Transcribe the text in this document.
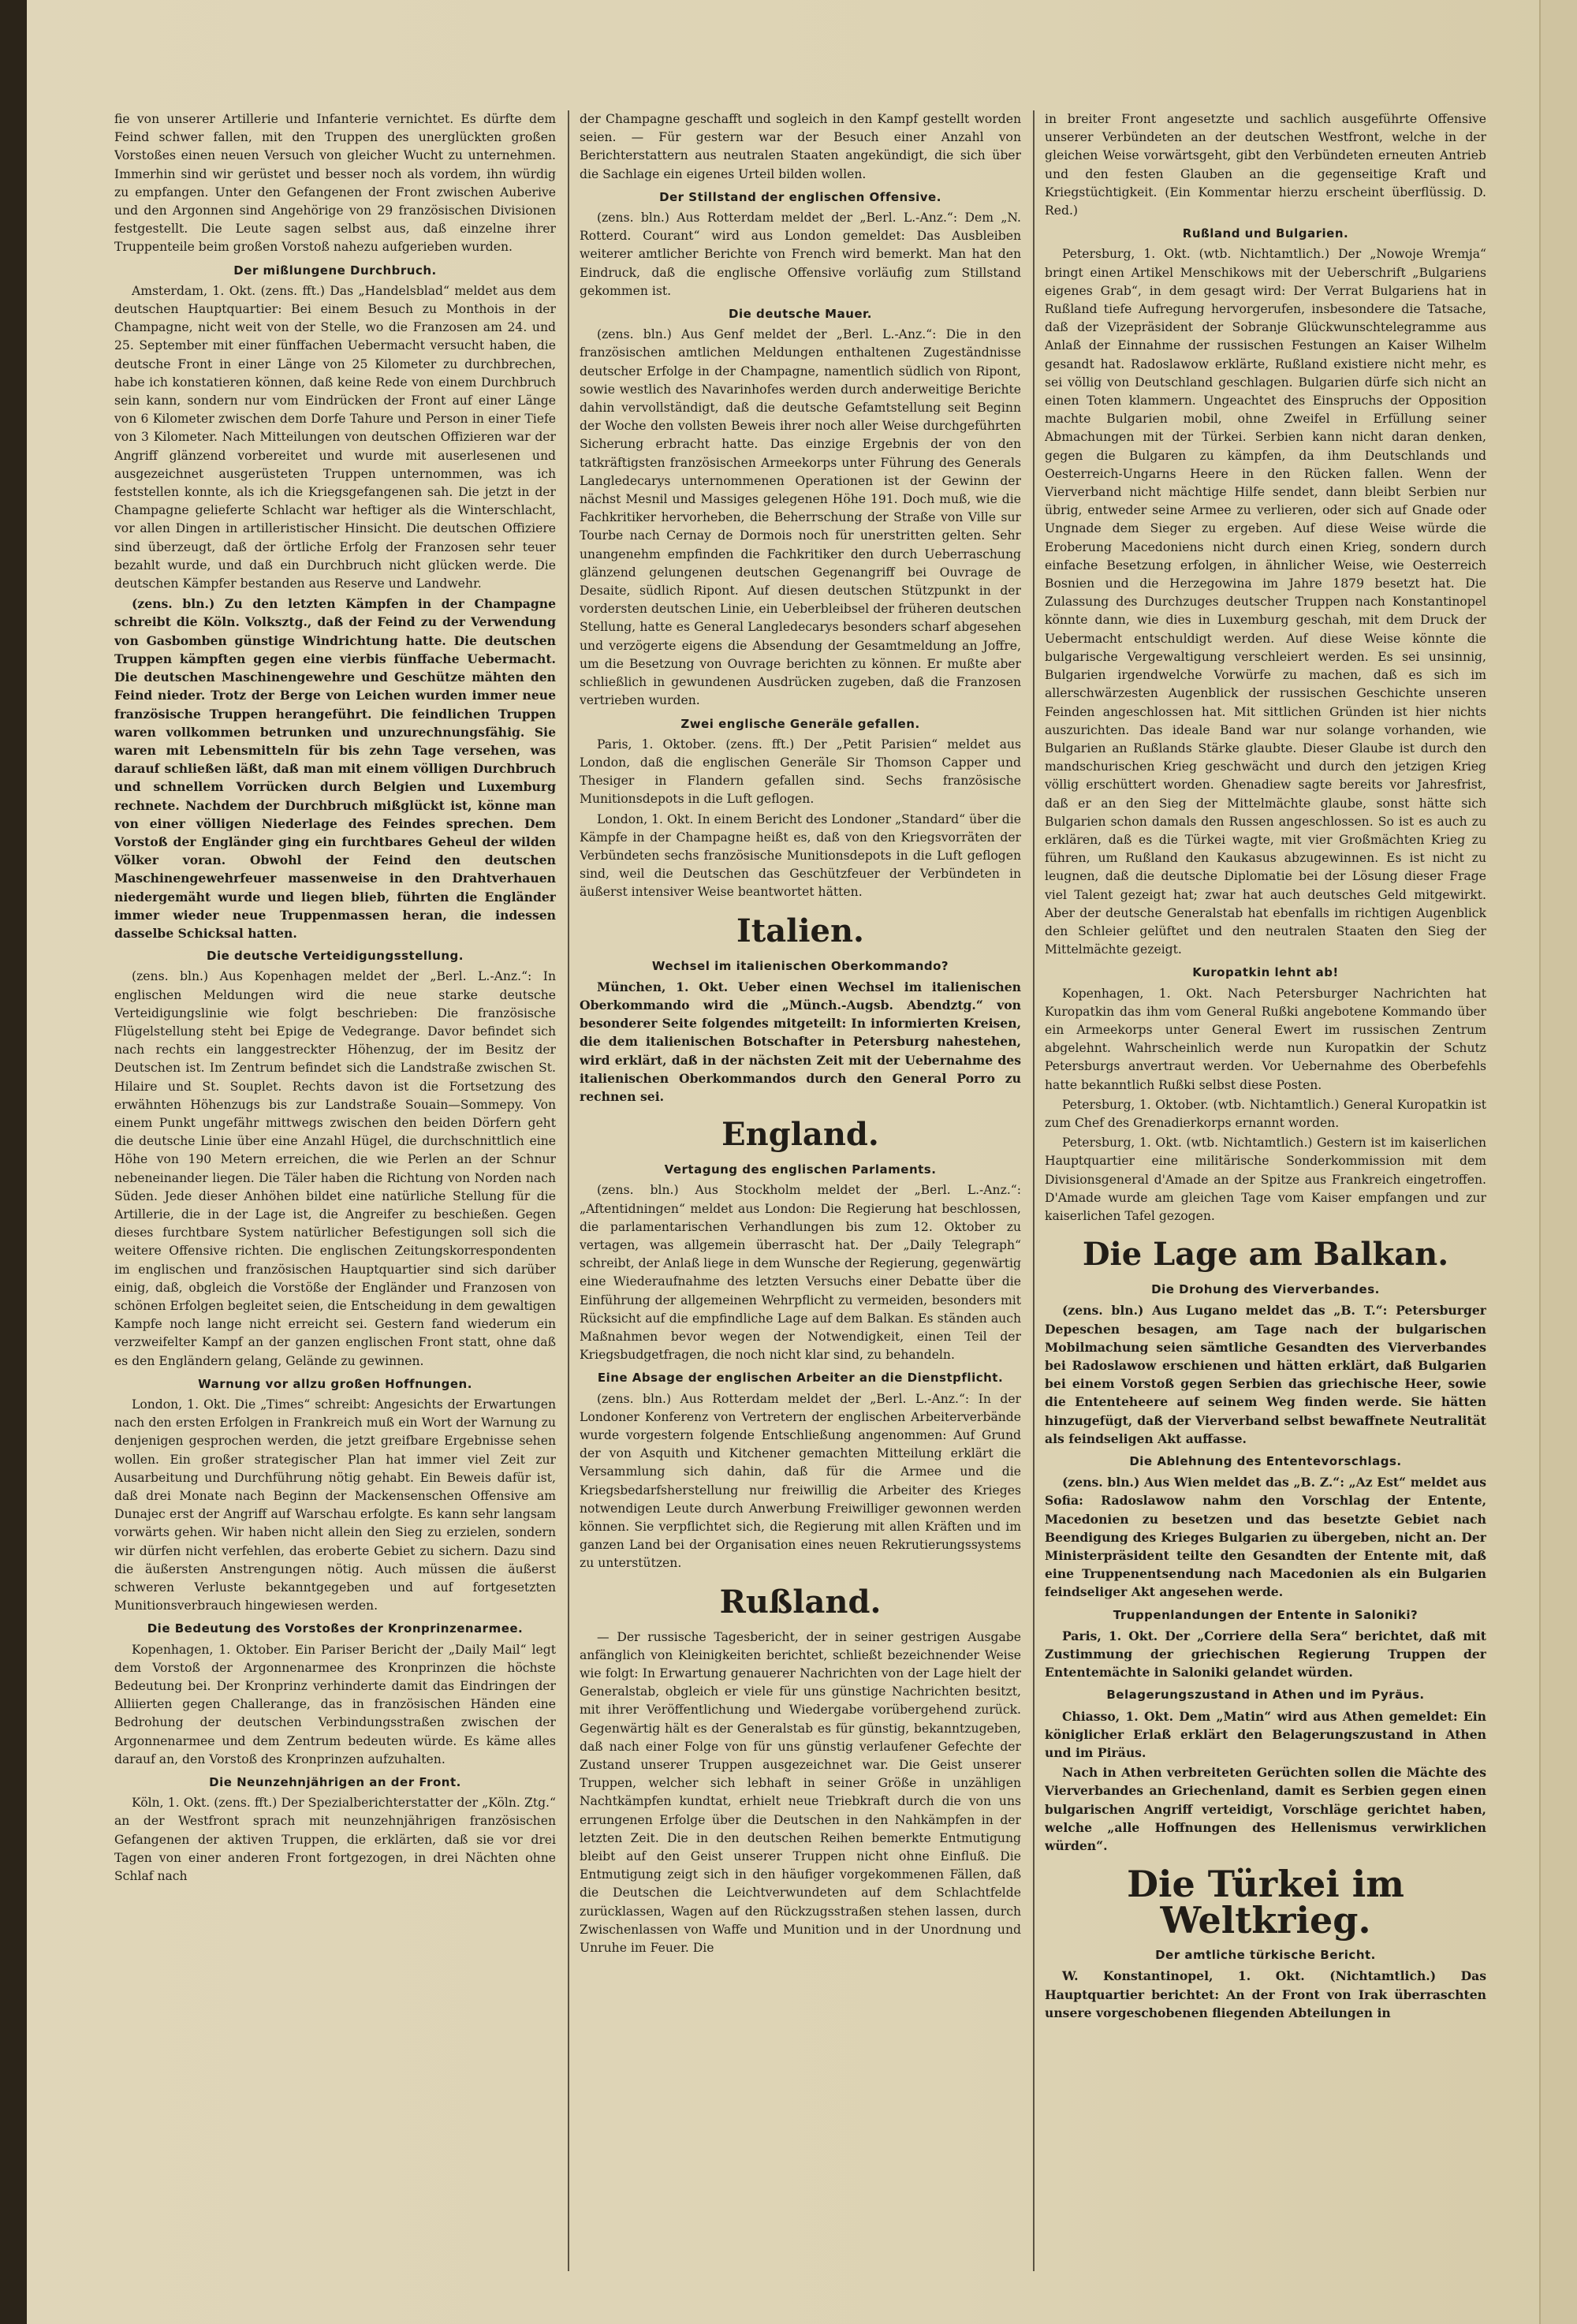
fie von unserer Artillerie und Infanterie vernichtet. Es dürfte dem Feind schwer fallen, mit den Truppen des unerglückten großen Vorstoßes einen neuen Versuch von gleicher Wucht zu unternehmen. Immerhin sind wir gerüstet und besser noch als vordem, ihn würdig zu empfangen. Unter den Gefangenen der Front zwischen Auberive und den Argonnen sind Angehörige von 29 französischen Divisionen festgestellt. Die Leute sagen selbst aus, daß einzelne ihrer Truppenteile beim großen Vorstoß nahezu aufgerieben wurden.

Der mißlungene Durchbruch.

Amsterdam, 1. Okt. (zens. fft.) Das „Handelsblad“ meldet aus dem deutschen Hauptquartier: Bei einem Besuch zu Monthois in der Champagne, nicht weit von der Stelle, wo die Franzosen am 24. und 25. September mit einer fünffachen Uebermacht versucht haben, die deutsche Front in einer Länge von 25 Kilometer zu durchbrechen, habe ich konstatieren können, daß keine Rede von einem Durchbruch sein kann, sondern nur vom Eindrücken der Front auf einer Länge von 6 Kilometer zwischen dem Dorfe Tahure und Person in einer Tiefe von 3 Kilometer. Nach Mitteilungen von deutschen Offizieren war der Angriff glänzend vorbereitet und wurde mit auserlesenen und ausgezeichnet ausgerüsteten Truppen unternommen, was ich feststellen konnte, als ich die Kriegsgefangenen sah. Die jetzt in der Champagne gelieferte Schlacht war heftiger als die Winterschlacht, vor allen Dingen in artilleristischer Hinsicht. Die deutschen Offiziere sind überzeugt, daß der örtliche Erfolg der Franzosen sehr teuer bezahlt wurde, und daß ein Durchbruch nicht glücken werde. Die deutschen Kämpfer bestanden aus Reserve und Landwehr.

(zens. bln.) Zu den letzten Kämpfen in der Champagne schreibt die Köln. Volksztg., daß der Feind zu der Verwendung von Gasbomben günstige Windrichtung hatte. Die deutschen Truppen kämpften gegen eine vierbis fünffache Uebermacht. Die deutschen Maschinengewehre und Geschütze mähten den Feind nieder. Trotz der Berge von Leichen wurden immer neue französische Truppen herangeführt. Die feindlichen Truppen waren vollkommen betrunken und unzurechnungsfähig. Sie waren mit Lebensmitteln für bis zehn Tage versehen, was darauf schließen läßt, daß man mit einem völligen Durchbruch und schnellem Vorrücken durch Belgien und Luxemburg rechnete. Nachdem der Durchbruch mißglückt ist, könne man von einer völligen Niederlage des Feindes sprechen. Dem Vorstoß der Engländer ging ein furchtbares Geheul der wilden Völker voran. Obwohl der Feind den deutschen Maschinengewehrfeuer massenweise in den Drahtverhauen niedergemäht wurde und liegen blieb, führten die Engländer immer wieder neue Truppenmassen heran, die indessen dasselbe Schicksal hatten.

Die deutsche Verteidigungsstellung.

(zens. bln.) Aus Kopenhagen meldet der „Berl. L.-Anz.“: In englischen Meldungen wird die neue starke deutsche Verteidigungslinie wie folgt beschrieben: Die französische Flügelstellung steht bei Epige de Vedegrange. Davor befindet sich nach rechts ein langgestreckter Höhenzug, der im Besitz der Deutschen ist. Im Zentrum befindet sich die Landstraße zwischen St. Hilaire und St. Souplet. Rechts davon ist die Fortsetzung des erwähnten Höhenzugs bis zur Landstraße Souain—Sommepy. Von einem Punkt ungefähr mittwegs zwischen den beiden Dörfern geht die deutsche Linie über eine Anzahl Hügel, die durchschnittlich eine Höhe von 190 Metern erreichen, die wie Perlen an der Schnur nebeneinander liegen. Die Täler haben die Richtung von Norden nach Süden. Jede dieser Anhöhen bildet eine natürliche Stellung für die Artillerie, die in der Lage ist, die Angreifer zu beschießen. Gegen dieses furchtbare System natürlicher Befestigungen soll sich die weitere Offensive richten. Die englischen Zeitungskorrespondenten im englischen und französischen Hauptquartier sind sich darüber einig, daß, obgleich die Vorstöße der Engländer und Franzosen von schönen Erfolgen begleitet seien, die Entscheidung in dem gewaltigen Kampfe noch lange nicht erreicht sei. Gestern fand wiederum ein verzweifelter Kampf an der ganzen englischen Front statt, ohne daß es den Engländern gelang, Gelände zu gewinnen.

Warnung vor allzu großen Hoffnungen.

London, 1. Okt. Die „Times“ schreibt: Angesichts der Erwartungen nach den ersten Erfolgen in Frankreich muß ein Wort der Warnung zu denjenigen gesprochen werden, die jetzt greifbare Ergebnisse sehen wollen. Ein großer strategischer Plan hat immer viel Zeit zur Ausarbeitung und Durchführung nötig gehabt. Ein Beweis dafür ist, daß drei Monate nach Beginn der Mackensenschen Offensive am Dunajec erst der Angriff auf Warschau erfolgte. Es kann sehr langsam vorwärts gehen. Wir haben nicht allein den Sieg zu erzielen, sondern wir dürfen nicht verfehlen, das eroberte Gebiet zu sichern. Dazu sind die äußersten Anstrengungen nötig. Auch müssen die äußerst schweren Verluste bekanntgegeben und auf fortgesetzten Munitionsverbrauch hingewiesen werden.

Die Bedeutung des Vorstoßes der Kronprinzenarmee.

Kopenhagen, 1. Oktober. Ein Pariser Bericht der „Daily Mail“ legt dem Vorstoß der Argonnenarmee des Kronprinzen die höchste Bedeutung bei. Der Kronprinz verhinderte damit das Eindringen der Alliierten gegen Challerange, das in französischen Händen eine Bedrohung der deutschen Verbindungsstraßen zwischen der Argonnenarmee und dem Zentrum bedeuten würde. Es käme alles darauf an, den Vorstoß des Kronprinzen aufzuhalten.

Die Neunzehnjährigen an der Front.

Köln, 1. Okt. (zens. fft.) Der Spezialberichterstatter der „Köln. Ztg.“ an der Westfront sprach mit neunzehnjährigen französischen Gefangenen der aktiven Truppen, die erklärten, daß sie vor drei Tagen von einer anderen Front fortgezogen, in drei Nächten ohne Schlaf nach

der Champagne geschafft und sogleich in den Kampf gestellt worden seien. — Für gestern war der Besuch einer Anzahl von Berichterstattern aus neutralen Staaten angekündigt, die sich über die Sachlage ein eigenes Urteil bilden wollen.

Der Stillstand der englischen Offensive.

(zens. bln.) Aus Rotterdam meldet der „Berl. L.-Anz.“: Dem „N. Rotterd. Courant“ wird aus London gemeldet: Das Ausbleiben weiterer amtlicher Berichte von French wird bemerkt. Man hat den Eindruck, daß die englische Offensive vorläufig zum Stillstand gekommen ist.

Die deutsche Mauer.

(zens. bln.) Aus Genf meldet der „Berl. L.-Anz.“: Die in den französischen amtlichen Meldungen enthaltenen Zugeständnisse deutscher Erfolge in der Champagne, namentlich südlich von Ripont, sowie westlich des Navarinhofes werden durch anderweitige Berichte dahin vervollständigt, daß die deutsche Gefamtstellung seit Beginn der Woche den vollsten Beweis ihrer noch aller Weise durchgeführten Sicherung erbracht hatte. Das einzige Ergebnis der von den tatkräftigsten französischen Armeekorps unter Führung des Generals Langledecarys unternommenen Operationen ist der Gewinn der nächst Mesnil und Massiges gelegenen Höhe 191. Doch muß, wie die Fachkritiker hervorheben, die Beherrschung der Straße von Ville sur Tourbe nach Cernay de Dormois noch für unerstritten gelten. Sehr unangenehm empfinden die Fachkritiker den durch Ueberraschung glänzend gelungenen deutschen Gegenangriff bei Ouvrage de Desaite, südlich Ripont. Auf diesen deutschen Stützpunkt in der vordersten deutschen Linie, ein Ueberbleibsel der früheren deutschen Stellung, hatte es General Langledecarys besonders scharf abgesehen und verzögerte eigens die Absendung der Gesamtmeldung an Joffre, um die Besetzung von Ouvrage berichten zu können. Er mußte aber schließlich in gewundenen Ausdrücken zugeben, daß die Franzosen vertrieben wurden.

Zwei englische Generäle gefallen.

Paris, 1. Oktober. (zens. fft.) Der „Petit Parisien“ meldet aus London, daß die englischen Generäle Sir Thomson Capper und Thesiger in Flandern gefallen sind. Sechs französische Munitionsdepots in die Luft geflogen.

London, 1. Okt. In einem Bericht des Londoner „Standard“ über die Kämpfe in der Champagne heißt es, daß von den Kriegsvorräten der Verbündeten sechs französische Munitionsdepots in die Luft geflogen sind, weil die Deutschen das Geschützfeuer der Verbündeten in äußerst intensiver Weise beantwortet hätten.

Italien.
Wechsel im italienischen Oberkommando?

München, 1. Okt. Ueber einen Wechsel im italienischen Oberkommando wird die „Münch.-Augsb. Abendztg.“ von besonderer Seite folgendes mitgeteilt: In informierten Kreisen, die dem italienischen Botschafter in Petersburg nahestehen, wird erklärt, daß in der nächsten Zeit mit der Uebernahme des italienischen Oberkommandos durch den General Porro zu rechnen sei.

England.
Vertagung des englischen Parlaments.

(zens. bln.) Aus Stockholm meldet der „Berl. L.-Anz.“: „Aftentidningen“ meldet aus London: Die Regierung hat beschlossen, die parlamentarischen Verhandlungen bis zum 12. Oktober zu vertagen, was allgemein überrascht hat. Der „Daily Telegraph“ schreibt, der Anlaß liege in dem Wunsche der Regierung, gegenwärtig eine Wiederaufnahme des letzten Versuchs einer Debatte über die Einführung der allgemeinen Wehrpflicht zu vermeiden, besonders mit Rücksicht auf die empfindliche Lage auf dem Balkan. Es ständen auch Maßnahmen bevor wegen der Notwendigkeit, einen Teil der Kriegsbudgetfragen, die noch nicht klar sind, zu behandeln.

Eine Absage der englischen Arbeiter an die Dienstpflicht.

(zens. bln.) Aus Rotterdam meldet der „Berl. L.-Anz.“: In der Londoner Konferenz von Vertretern der englischen Arbeiterverbände wurde vorgestern folgende Entschließung angenommen: Auf Grund der von Asquith und Kitchener gemachten Mitteilung erklärt die Versammlung sich dahin, daß für die Armee und die Kriegsbedarfsherstellung nur freiwillig die Arbeiter des Krieges notwendigen Leute durch Anwerbung Freiwilliger gewonnen werden können. Sie verpflichtet sich, die Regierung mit allen Kräften und im ganzen Land bei der Organisation eines neuen Rekrutierungssystems zu unterstützen.

Rußland.

— Der russische Tagesbericht, der in seiner gestrigen Ausgabe anfänglich von Kleinigkeiten berichtet, schließt bezeichnender Weise wie folgt: In Erwartung genauerer Nachrichten von der Lage hielt der Generalstab, obgleich er viele für uns günstige Nachrichten besitzt, mit ihrer Veröffentlichung und Wiedergabe vorübergehend zurück. Gegenwärtig hält es der Generalstab es für günstig, bekanntzugeben, daß nach einer Folge von für uns günstig verlaufener Gefechte der Zustand unserer Truppen ausgezeichnet war. Die Geist unserer Truppen, welcher sich lebhaft in seiner Größe in unzähligen Nachtkämpfen kundtat, erhielt neue Triebkraft durch die von uns errungenen Erfolge über die Deutschen in den Nahkämpfen in der letzten Zeit. Die in den deutschen Reihen bemerkte Entmutigung bleibt auf den Geist unserer Truppen nicht ohne Einfluß. Die Entmutigung zeigt sich in den häufiger vorgekommenen Fällen, daß die Deutschen die Leichtverwundeten auf dem Schlachtfelde zurücklassen, Wagen auf den Rückzugsstraßen stehen lassen, durch Zwischenlassen von Waffe und Munition und in der Unordnung und Unruhe im Feuer. Die

in breiter Front angesetzte und sachlich ausgeführte Offensive unserer Verbündeten an der deutschen Westfront, welche in der gleichen Weise vorwärtsgeht, gibt den Verbündeten erneuten Antrieb und den festen Glauben an die gegenseitige Kraft und Kriegstüchtigkeit. (Ein Kommentar hierzu erscheint überflüssig. D. Red.)

Rußland und Bulgarien.

Petersburg, 1. Okt. (wtb. Nichtamtlich.) Der „Nowoje Wremja“ bringt einen Artikel Menschikows mit der Ueberschrift „Bulgariens eigenes Grab“, in dem gesagt wird: Der Verrat Bulgariens hat in Rußland tiefe Aufregung hervorgerufen, insbesondere die Tatsache, daß der Vizepräsident der Sobranje Glückwunschtelegramme aus Anlaß der Einnahme der russischen Festungen an Kaiser Wilhelm gesandt hat. Radoslawow erklärte, Rußland existiere nicht mehr, es sei völlig von Deutschland geschlagen. Bulgarien dürfe sich nicht an einen Toten klammern. Ungeachtet des Einspruchs der Opposition machte Bulgarien mobil, ohne Zweifel in Erfüllung seiner Abmachungen mit der Türkei. Serbien kann nicht daran denken, gegen die Bulgaren zu kämpfen, da ihm Deutschlands und Oesterreich-Ungarns Heere in den Rücken fallen. Wenn der Vierverband nicht mächtige Hilfe sendet, dann bleibt Serbien nur übrig, entweder seine Armee zu verlieren, oder sich auf Gnade oder Ungnade dem Sieger zu ergeben. Auf diese Weise würde die Eroberung Macedoniens nicht durch einen Krieg, sondern durch einfache Besetzung erfolgen, in ähnlicher Weise, wie Oesterreich Bosnien und die Herzegowina im Jahre 1879 besetzt hat. Die Zulassung des Durchzuges deutscher Truppen nach Konstantinopel könnte dann, wie dies in Luxemburg geschah, mit dem Druck der Uebermacht entschuldigt werden. Auf diese Weise könnte die bulgarische Vergewaltigung verschleiert werden. Es sei unsinnig, Bulgarien irgendwelche Vorwürfe zu machen, daß es sich im allerschwärzesten Augenblick der russischen Geschichte unseren Feinden angeschlossen hat. Mit sittlichen Gründen ist hier nichts auszurichten. Das ideale Band war nur solange vorhanden, wie Bulgarien an Rußlands Stärke glaubte. Dieser Glaube ist durch den mandschurischen Krieg geschwächt und durch den jetzigen Krieg völlig erschüttert worden. Ghenadiew sagte bereits vor Jahresfrist, daß er an den Sieg der Mittelmächte glaube, sonst hätte sich Bulgarien schon damals den Russen angeschlossen. So ist es auch zu erklären, daß es die Türkei wagte, mit vier Großmächten Krieg zu führen, um Rußland den Kaukasus abzugewinnen. Es ist nicht zu leugnen, daß die deutsche Diplomatie bei der Lösung dieser Frage viel Talent gezeigt hat; zwar hat auch deutsches Geld mitgewirkt. Aber der deutsche Generalstab hat ebenfalls im richtigen Augenblick den Schleier gelüftet und den neutralen Staaten den Sieg der Mittelmächte gezeigt.

Kuropatkin lehnt ab!

Kopenhagen, 1. Okt. Nach Petersburger Nachrichten hat Kuropatkin das ihm vom General Rußki angebotene Kommando über ein Armeekorps unter General Ewert im russischen Zentrum abgelehnt. Wahrscheinlich werde nun Kuropatkin der Schutz Petersburgs anvertraut werden. Vor Uebernahme des Oberbefehls hatte bekanntlich Rußki selbst diese Posten.

Petersburg, 1. Oktober. (wtb. Nichtamtlich.) General Kuropatkin ist zum Chef des Grenadierkorps ernannt worden.

Petersburg, 1. Okt. (wtb. Nichtamtlich.) Gestern ist im kaiserlichen Hauptquartier eine militärische Sonderkommission mit dem Divisionsgeneral d'Amade an der Spitze aus Frankreich eingetroffen. D'Amade wurde am gleichen Tage vom Kaiser empfangen und zur kaiserlichen Tafel gezogen.

Die Lage am Balkan.
Die Drohung des Vierverbandes.

(zens. bln.) Aus Lugano meldet das „B. T.“: Petersburger Depeschen besagen, am Tage nach der bulgarischen Mobilmachung seien sämtliche Gesandten des Vierverbandes bei Radoslawow erschienen und hätten erklärt, daß Bulgarien bei einem Vorstoß gegen Serbien das griechische Heer, sowie die Ententeheere auf seinem Weg finden werde. Sie hätten hinzugefügt, daß der Vierverband selbst bewaffnete Neutralität als feindseligen Akt auffasse.

Die Ablehnung des Ententevorschlags.

(zens. bln.) Aus Wien meldet das „B. Z.“: „Az Est“ meldet aus Sofia: Radoslawow nahm den Vorschlag der Entente, Macedonien zu besetzen und das besetzte Gebiet nach Beendigung des Krieges Bulgarien zu übergeben, nicht an. Der Ministerpräsident teilte den Gesandten der Entente mit, daß eine Truppenentsendung nach Macedonien als ein Bulgarien feindseliger Akt angesehen werde.

Truppenlandungen der Entente in Saloniki?

Paris, 1. Okt. Der „Corriere della Sera“ berichtet, daß mit Zustimmung der griechischen Regierung Truppen der Ententemächte in Saloniki gelandet würden.

Belagerungszustand in Athen und im Pyräus.

Chiasso, 1. Okt. Dem „Matin“ wird aus Athen gemeldet: Ein königlicher Erlaß erklärt den Belagerungszustand in Athen und im Piräus.

Nach in Athen verbreiteten Gerüchten sollen die Mächte des Vierverbandes an Griechenland, damit es Serbien gegen einen bulgarischen Angriff verteidigt, Vorschläge gerichtet haben, welche „alle Hoffnungen des Hellenismus verwirklichen würden“.

Die Türkei im Weltkrieg.
Der amtliche türkische Bericht.

W. Konstantinopel, 1. Okt. (Nichtamtlich.) Das Hauptquartier berichtet: An der Front von Irak überraschten unsere vorgeschobenen fliegenden Abteilungen in
